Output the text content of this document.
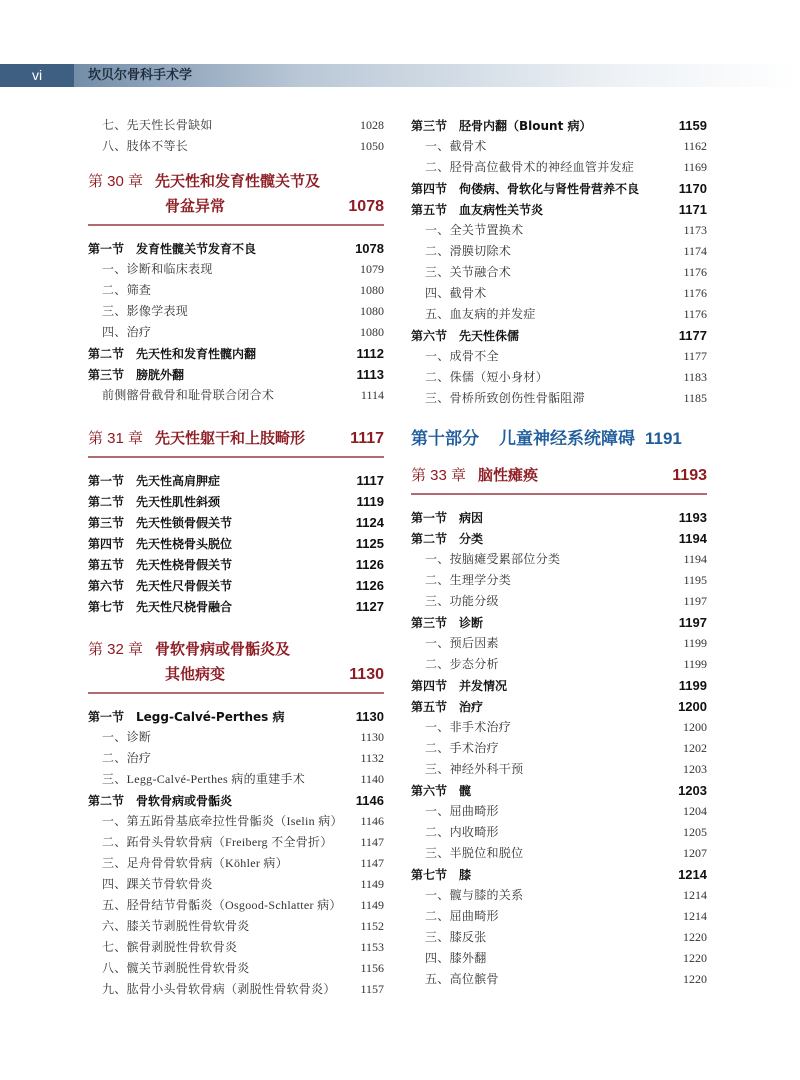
vi	坎贝尔骨科手术学
七、先天性长骨缺如	1028
八、肢体不等长	1050
第 30 章 先天性和发育性髋关节及
骨盆异常	1078
第一节　发育性髋关节发育不良	1078
一、诊断和临床表现	1079
二、筛查	1080
三、影像学表现	1080
四、治疗	1080
第二节　先天性和发育性髋内翻	1112
第三节　膀胱外翻	1113
前侧髂骨截骨和耻骨联合闭合术	1114
第 31 章 先天性躯干和上肢畸形	1117
第一节　先天性高肩胛症	1117
第二节　先天性肌性斜颈	1119
第三节　先天性锁骨假关节	1124
第四节　先天性桡骨头脱位	1125
第五节　先天性桡骨假关节	1126
第六节　先天性尺骨假关节	1126
第七节　先天性尺桡骨融合	1127
第 32 章 骨软骨病或骨骺炎及
其他病变	1130
第一节　Legg-Calvé-Perthes 病	1130
一、诊断	1130
二、治疗	1132
三、Legg-Calvé-Perthes 病的重建手术	1140
第二节　骨软骨病或骨骺炎	1146
一、第五跖骨基底牵拉性骨骺炎（Iselin 病） 1146
二、跖骨头骨软骨病（Freiberg 不全骨折） 1147
三、足舟骨骨软骨病（Köhler 病）	1147
四、踝关节骨软骨炎	1149
五、胫骨结节骨骺炎（Osgood-Schlatter 病） 1149
六、膝关节剥脱性骨软骨炎	1152
七、髌骨剥脱性骨软骨炎	1153
八、髋关节剥脱性骨软骨炎	1156
九、肱骨小头骨软骨病（剥脱性骨软骨炎） 1157
第三节　胫骨内翻（Blount 病）	1159
一、截骨术	1162
二、胫骨高位截骨术的神经血管并发症	1169
第四节　佝偻病、骨软化与肾性骨营养不良	1170
第五节　血友病性关节炎	1171
一、全关节置换术	1173
二、滑膜切除术	1174
三、关节融合术	1176
四、截骨术	1176
五、血友病的并发症	1176
第六节　先天性侏儒	1177
一、成骨不全	1177
二、侏儒（短小身材）	1183
三、骨桥所致创伤性骨骺阻滞	1185
第十部分 儿童神经系统障碍 1191
第 33 章 脑性瘫痪	1193
第一节　病因	1193
第二节　分类	1194
一、按脑瘫受累部位分类	1194
二、生理学分类	1195
三、功能分级	1197
第三节　诊断	1197
一、预后因素	1199
二、步态分析	1199
第四节　并发情况	1199
第五节　治疗	1200
一、非手术治疗	1200
二、手术治疗	1202
三、神经外科干预	1203
第六节　髋	1203
一、屈曲畸形	1204
二、内收畸形	1205
三、半脱位和脱位	1207
第七节　膝	1214
一、髋与膝的关系	1214
二、屈曲畸形	1214
三、膝反张	1220
四、膝外翻	1220
五、高位髌骨	1220
